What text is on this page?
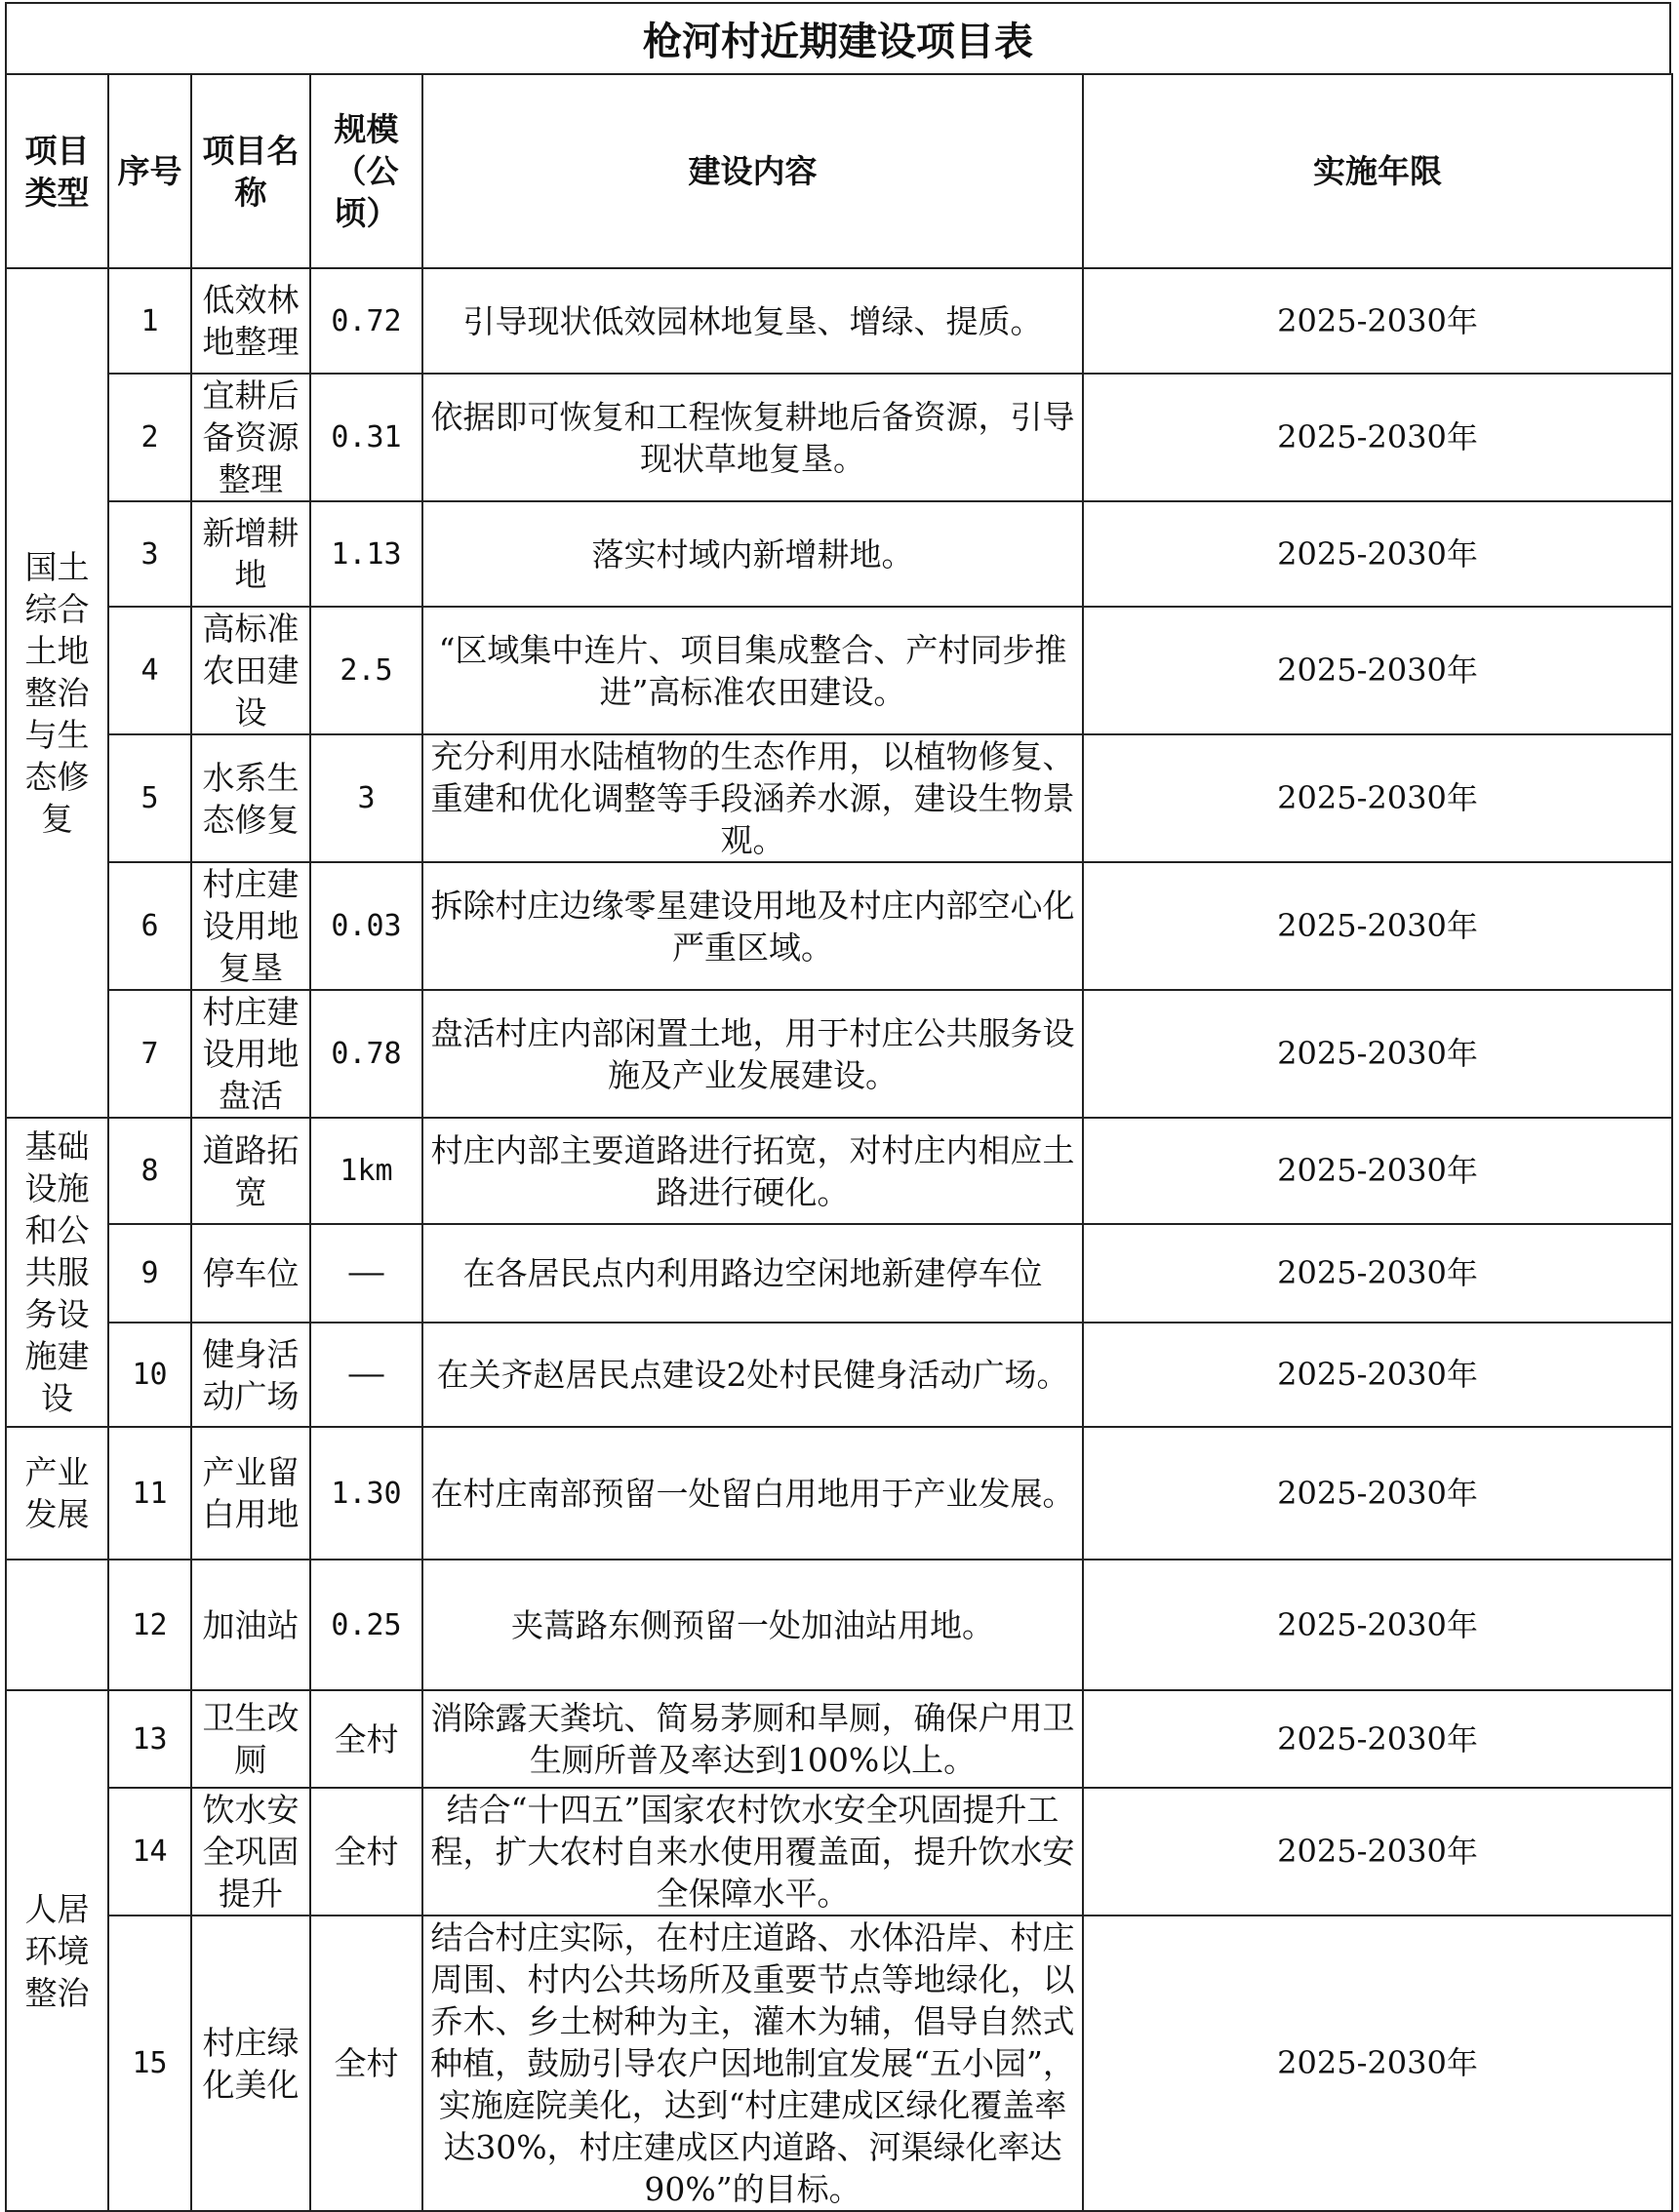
枪河村近期建设项目表
项目类型	序号	项目名称	规模（公顷）	建设内容	实施年限
国土综合土地整治与生态修复	1	低效林地整理	0.72	引导现状低效园林地复垦、增绿、提质。	2025-2030年
	2	宜耕后备资源整理	0.31	依据即可恢复和工程恢复耕地后备资源，引导现状草地复垦。	2025-2030年
	3	新增耕地	1.13	落实村域内新增耕地。	2025-2030年
	4	高标准农田建设	2.5	“区域集中连片、项目集成整合、产村同步推进”高标准农田建设。	2025-2030年
	5	水系生态修复	3	充分利用水陆植物的生态作用，以植物修复、重建和优化调整等手段涵养水源，建设生物景观。	2025-2030年
	6	村庄建设用地复垦	0.03	拆除村庄边缘零星建设用地及村庄内部空心化严重区域。	2025-2030年
	7	村庄建设用地盘活	0.78	盘活村庄内部闲置土地，用于村庄公共服务设施及产业发展建设。	2025-2030年
基础设施和公共服务设施建设	8	道路拓宽	1km	村庄内部主要道路进行拓宽，对村庄内相应土路进行硬化。	2025-2030年
	9	停车位	——	在各居民点内利用路边空闲地新建停车位	2025-2030年
	10	健身活动广场	——	在关齐赵居民点建设2处村民健身活动广场。	2025-2030年
产业发展	11	产业留白用地	1.30	在村庄南部预留一处留白用地用于产业发展。	2025-2030年
	12	加油站	0.25	夹蒿路东侧预留一处加油站用地。	2025-2030年
人居环境整治	13	卫生改厕	全村	消除露天粪坑、简易茅厕和旱厕，确保户用卫生厕所普及率达到100%以上。	2025-2030年
	14	饮水安全巩固提升	全村	结合“十四五”国家农村饮水安全巩固提升工程，扩大农村自来水使用覆盖面，提升饮水安全保障水平。	2025-2030年
	15	村庄绿化美化	全村	结合村庄实际，在村庄道路、水体沿岸、村庄周围、村内公共场所及重要节点等地绿化，以乔木、乡土树种为主，灌木为辅，倡导自然式种植，鼓励引导农户因地制宜发展“五小园”，实施庭院美化，达到“村庄建成区绿化覆盖率达30%，村庄建成区内道路、河渠绿化率达90%”的目标。	2025-2030年
